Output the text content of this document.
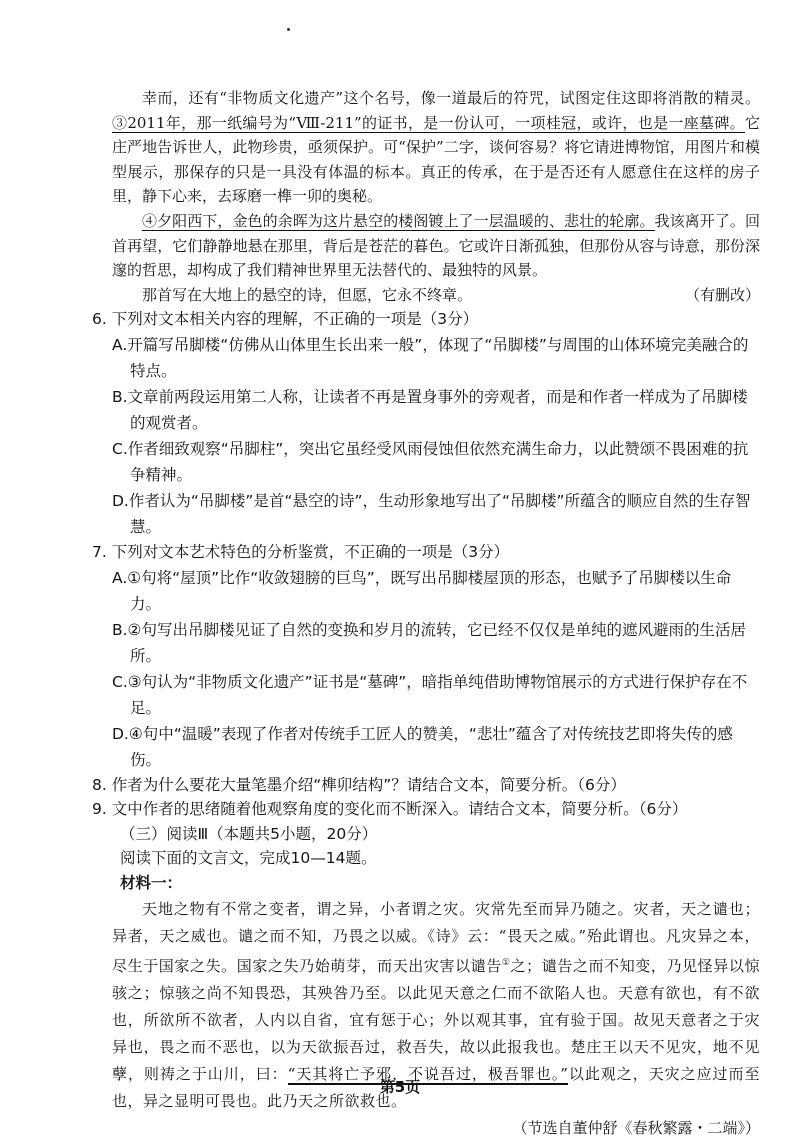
幸而，还有“非物质文化遗产”这个名号，像一道最后的符咒，试图定住这即将消散的精灵。③2011年，那一纸编号为“Ⅷ-211”的证书，是一份认可，一项桂冠，或许，也是一座墓碑。它庄严地告诉世人，此物珍贵，亟须保护。可“保护”二字，谈何容易？将它请进博物馆，用图片和模型展示，那保存的只是一具没有体温的标本。真正的传承，在于是否还有人愿意住在这样的房子里，静下心来，去琢磨一榫一卯的奥秘。

④夕阳西下，金色的余晖为这片悬空的楼阁镀上了一层温暖的、悲壮的轮廓。我该离开了。回首再望，它们静静地悬在那里，背后是苍茫的暮色。它或许日渐孤独，但那份从容与诗意，那份深邃的哲思，却构成了我们精神世界里无法替代的、最独特的风景。

那首写在大地上的悬空的诗，但愿，它永不终章。	（有删改）

6. 下列对文本相关内容的理解，不正确的一项是（3分）

A.开篇写吊脚楼“仿佛从山体里生长出来一般”，体现了“吊脚楼”与周围的山体环境完美融合的特点。

B.文章前两段运用第二人称，让读者不再是置身事外的旁观者，而是和作者一样成为了吊脚楼的观赏者。

C.作者细致观察“吊脚柱”，突出它虽经受风雨侵蚀但依然充满生命力，以此赞颂不畏困难的抗争精神。

D.作者认为“吊脚楼”是首“悬空的诗”，生动形象地写出了“吊脚楼”所蕴含的顺应自然的生存智慧。

7. 下列对文本艺术特色的分析鉴赏，不正确的一项是（3分）

A.①句将“屋顶”比作“收敛翅膀的巨鸟”，既写出吊脚楼屋顶的形态，也赋予了吊脚楼以生命力。

B.②句写出吊脚楼见证了自然的变换和岁月的流转，它已经不仅仅是单纯的遮风避雨的生活居所。

C.③句认为“非物质文化遗产”证书是“墓碑”，暗指单纯借助博物馆展示的方式进行保护存在不足。

D.④句中“温暖”表现了作者对传统手工匠人的赞美，“悲壮”蕴含了对传统技艺即将失传的感伤。

8. 作者为什么要花大量笔墨介绍“榫卯结构”？请结合文本，简要分析。（6分）

9. 文中作者的思绪随着他观察角度的变化而不断深入。请结合文本，简要分析。（6分）

（三）阅读Ⅲ（本题共5小题，20分）

阅读下面的文言文，完成10—14题。

材料一：

天地之物有不常之变者，谓之异，小者谓之灾。灾常先至而异乃随之。灾者，天之谴也；异者，天之威也。谴之而不知，乃畏之以威。《诗》云：“畏天之威。”殆此谓也。凡灾异之本，尽生于国家之失。国家之失乃始萌芽，而天出灾害以谴告①之；谴告之而不知变，乃见怪异以惊骇之；惊骇之尚不知畏恐，其殃咎乃至。以此见天意之仁而不欲陷人也。天意有欲也，有不欲也，所欲所不欲者，人内以自省，宜有惩于心；外以观其事，宜有验于国。故见天意者之于灾异也，畏之而不恶也，以为天欲振吾过，救吾失，故以此报我也。楚庄王以天不见灾，地不见孽，则祷之于山川，曰：“天其将亡予邪，不说吾过，极吾罪也。”以此观之，天灾之应过而至也，异之显明可畏也。此乃天之所欲救也。

（节选自董仲舒《春秋繁露・二端》）

第5页
